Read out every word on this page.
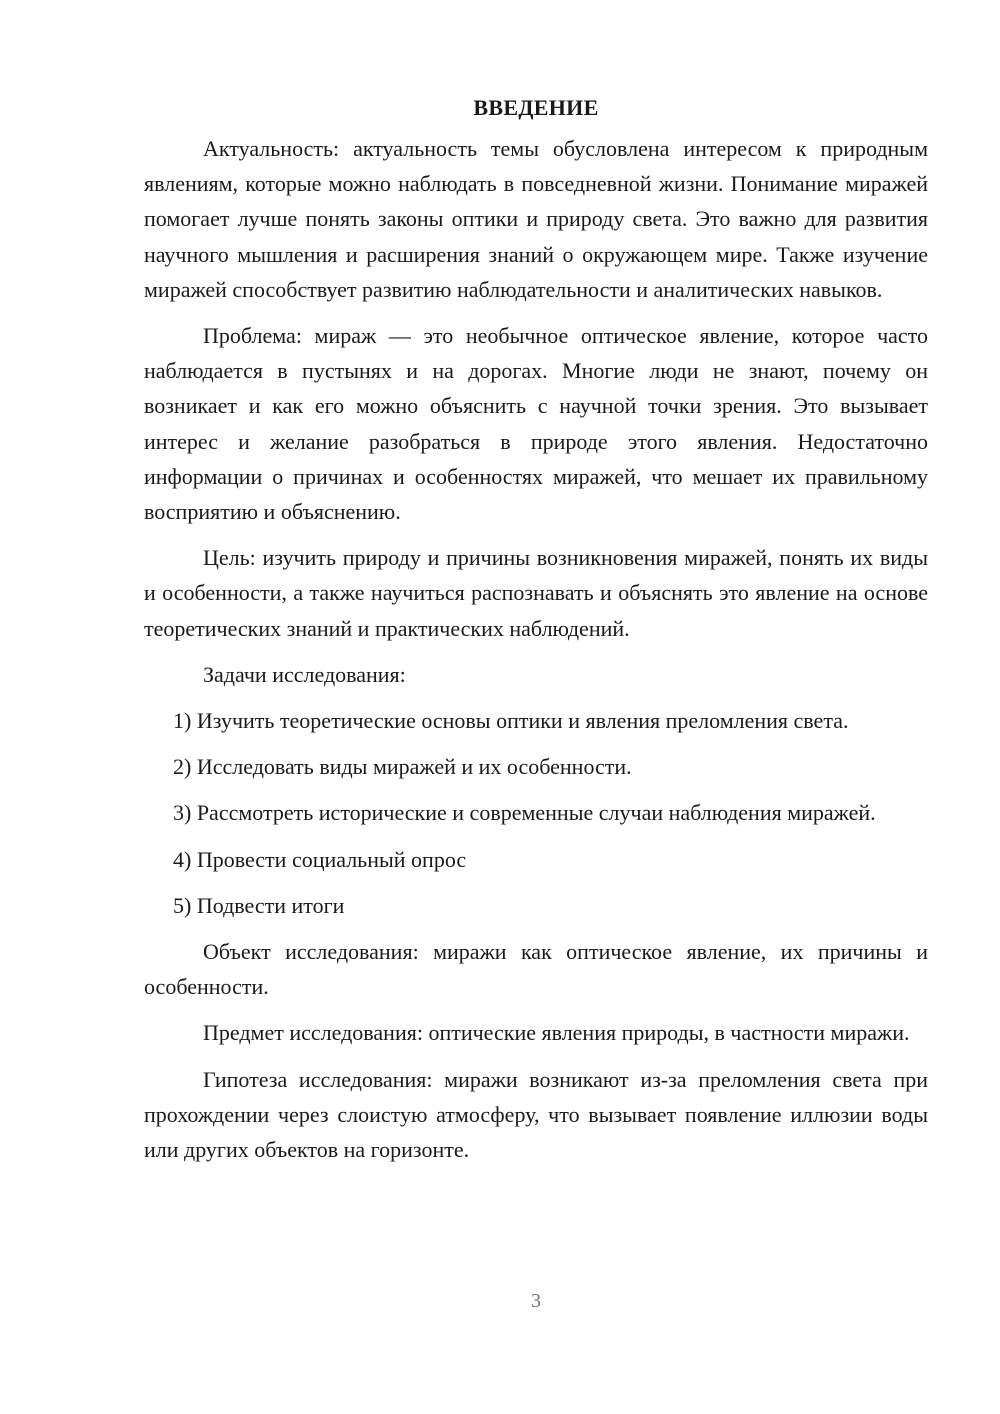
ВВЕДЕНИЕ

Актуальность: актуальность темы обусловлена интересом к природным явлениям, которые можно наблюдать в повседневной жизни. Понимание миражей помогает лучше понять законы оптики и природу света. Это важно для развития научного мышления и расширения знаний о окружающем мире. Также изучение миражей способствует развитию наблюдательности и аналитических навыков.

Проблема: мираж — это необычное оптическое явление, которое часто наблюдается в пустынях и на дорогах. Многие люди не знают, почему он возникает и как его можно объяснить с научной точки зрения. Это вызывает интерес и желание разобраться в природе этого явления. Недостаточно информации о причинах и особенностях миражей, что мешает их правильному восприятию и объяснению.

Цель: изучить природу и причины возникновения миражей, понять их виды и особенности, а также научиться распознавать и объяснять это явление на основе теоретических знаний и практических наблюдений.

Задачи исследования:

1) Изучить теоретические основы оптики и явления преломления света.

2) Исследовать виды миражей и их особенности.

3) Рассмотреть исторические и современные случаи наблюдения миражей.

4) Провести социальный опрос

5) Подвести итоги

Объект исследования: миражи как оптическое явление, их причины и особенности.

Предмет исследования: оптические явления природы, в частности миражи.

Гипотеза исследования: миражи возникают из-за преломления света при прохождении через слоистую атмосферу, что вызывает появление иллюзии воды или других объектов на горизонте.

3
